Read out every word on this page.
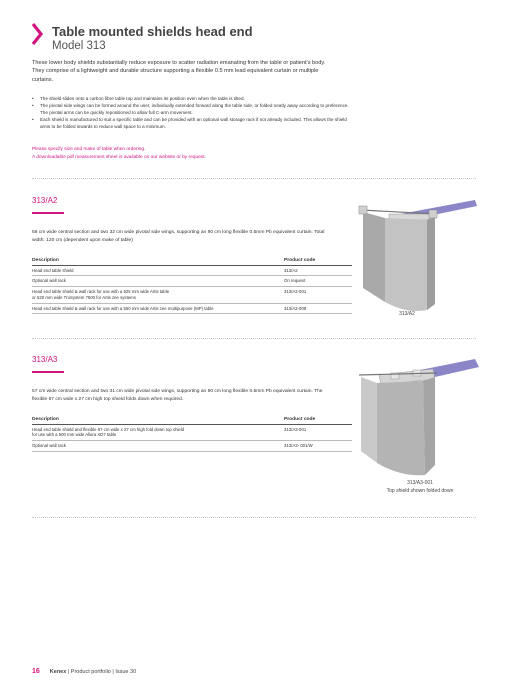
Table mounted shields head end
Model 313
These lower body shields substantially reduce exposure to scatter radiation emanating from the table or patient’s body. They comprise of a lightweight and durable structure supporting a flexible 0.5 mm lead equivalent curtain or multiple curtains.
• The shield slides onto a carbon fibre table top and maintains its position even when the table is tilted.
• The pivotal side wings can be formed around the user, individually extended forward along the table side, or folded neatly away according to preference. The pivotal arms can be quickly repositioned to allow full C-arm movement.
• Each shield is manufactured to suit a specific table and can be provided with an optional wall storage rack if not already included. This allows the shield arms to be folded inwards to reduce wall space to a minimum.
Please specify size and make of table when ordering.
A downloadable pdf measurement sheet is available on our website or by request.
313/A2
56 cm wide central section and two 32 cm wide pivotal side wings, supporting an 80 cm long flexible 0.5mm Pb equivalent curtain. Total width: 120 cm (dependent upon make of table)
Description	Product code
Head end table shield	313/A2
Optional wall rack	On request
Head end table shield & wall rack for use with a 525 mm wide Artis table
or 520 mm wide TruSystem 7500 for Artis zee systems	313/A2-001
Head end table shield & wall rack for use with a 550 mm wide Artis zee multipurpose (MP) table	313/A2-008
313/A2
313/A3
57 cm wide central section and two 31 cm wide pivotal side wings, supporting an 80 cm long flexible 0.5mm Pb equivalent curtain. The flexible 57 cm wide x 27 cm high top shield folds down when required.
Description	Product code
Head end table shield and flexible 57 cm wide x 27 cm high fold down top shield
for use with a 500 mm wide Allura XD7 table	313/A3-001
Optional wall rack	313/A3- 001/W
313/A3-001
Top shield shown folded down
16 Kenex | Product portfolio | Issue 30
